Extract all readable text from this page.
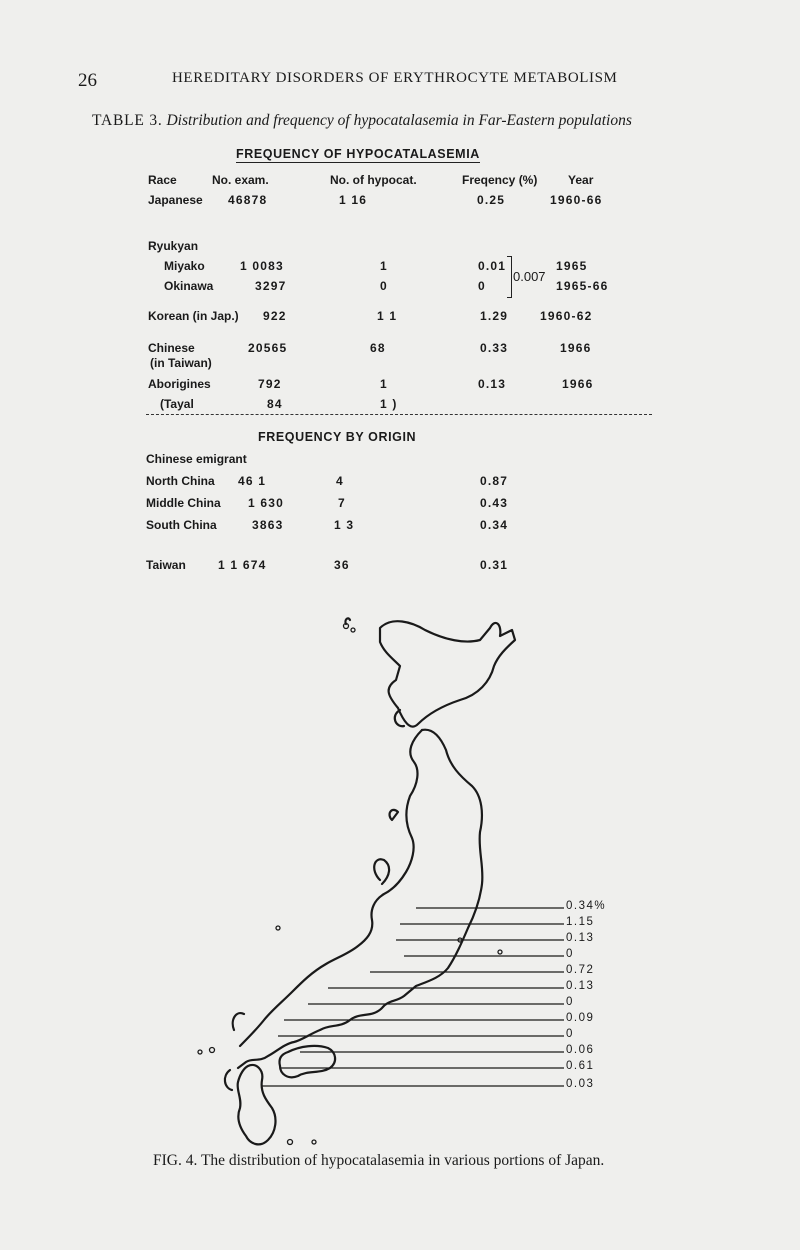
26	HEREDITARY DISORDERS OF ERYTHROCYTE METABOLISM
TABLE 3. Distribution and frequency of hypocatalasemia in Far-Eastern populations
FREQUENCY OF HYPOCATALASEMIA
Race	No. exam.	No. of hypocat.	Freqency (%)	Year
Japanese 46878	1 16	0.25	1960-66
Ryukyan
Miyako	1 0083	1	0.01	1965
Okinawa	3297	0	0	1965-66
0.007
Korean (in Jap.) 922	1 1	1.29	1960-62
Chinese
(in Taiwan)
20565	68	0.33	1966
Aborigines	792	1	0.13	1966
(Tayal	84	1 )
FREQUENCY BY ORIGIN
Chinese emigrant
North China 46 1	4	0.87
Middle China 1 630	7	0.43
South China	3863	1 3	0.34
Taiwan	1 1 674	36	0.31
0.34%
1.15
0.13
0
0.72
0.13
0
0.09
0
0.06
0.61
0.03
FIG. 4. The distribution of hypocatalasemia in various portions of Japan.
